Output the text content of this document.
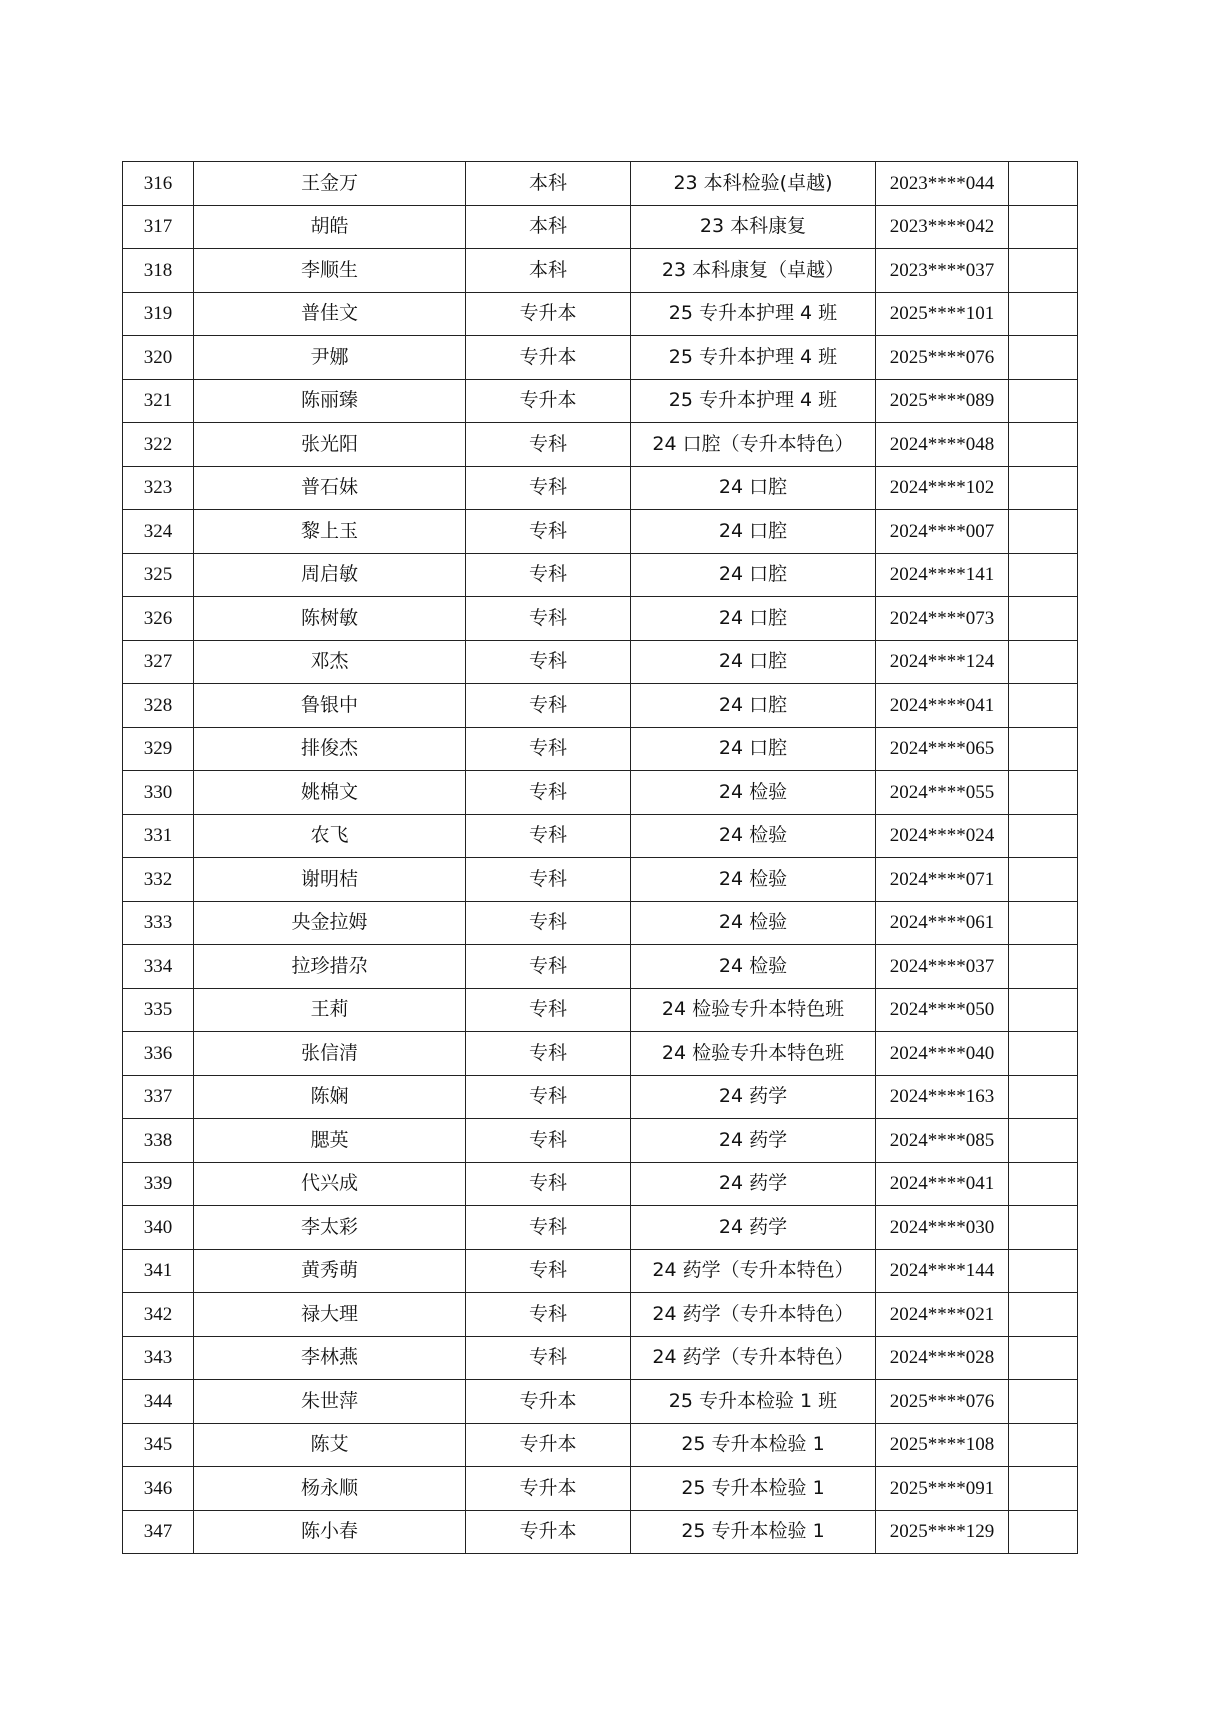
316	王金万	本科	23 本科检验(卓越)	2023****044	
317	胡皓	本科	23 本科康复	2023****042	
318	李顺生	本科	23 本科康复（卓越）	2023****037	
319	普佳文	专升本	25 专升本护理 4 班	2025****101	
320	尹娜	专升本	25 专升本护理 4 班	2025****076	
321	陈丽臻	专升本	25 专升本护理 4 班	2025****089	
322	张光阳	专科	24 口腔（专升本特色）	2024****048	
323	普石妹	专科	24 口腔	2024****102	
324	黎上玉	专科	24 口腔	2024****007	
325	周启敏	专科	24 口腔	2024****141	
326	陈树敏	专科	24 口腔	2024****073	
327	邓杰	专科	24 口腔	2024****124	
328	鲁银中	专科	24 口腔	2024****041	
329	排俊杰	专科	24 口腔	2024****065	
330	姚棉文	专科	24 检验	2024****055	
331	农飞	专科	24 检验	2024****024	
332	谢明桔	专科	24 检验	2024****071	
333	央金拉姆	专科	24 检验	2024****061	
334	拉珍措尕	专科	24 检验	2024****037	
335	王莉	专科	24 检验专升本特色班	2024****050	
336	张信清	专科	24 检验专升本特色班	2024****040	
337	陈娴	专科	24 药学	2024****163	
338	腮英	专科	24 药学	2024****085	
339	代兴成	专科	24 药学	2024****041	
340	李太彩	专科	24 药学	2024****030	
341	黄秀萌	专科	24 药学（专升本特色）	2024****144	
342	禄大理	专科	24 药学（专升本特色）	2024****021	
343	李林燕	专科	24 药学（专升本特色）	2024****028	
344	朱世萍	专升本	25 专升本检验 1 班	2025****076	
345	陈艾	专升本	25 专升本检验 1	2025****108	
346	杨永顺	专升本	25 专升本检验 1	2025****091	
347	陈小春	专升本	25 专升本检验 1	2025****129	
